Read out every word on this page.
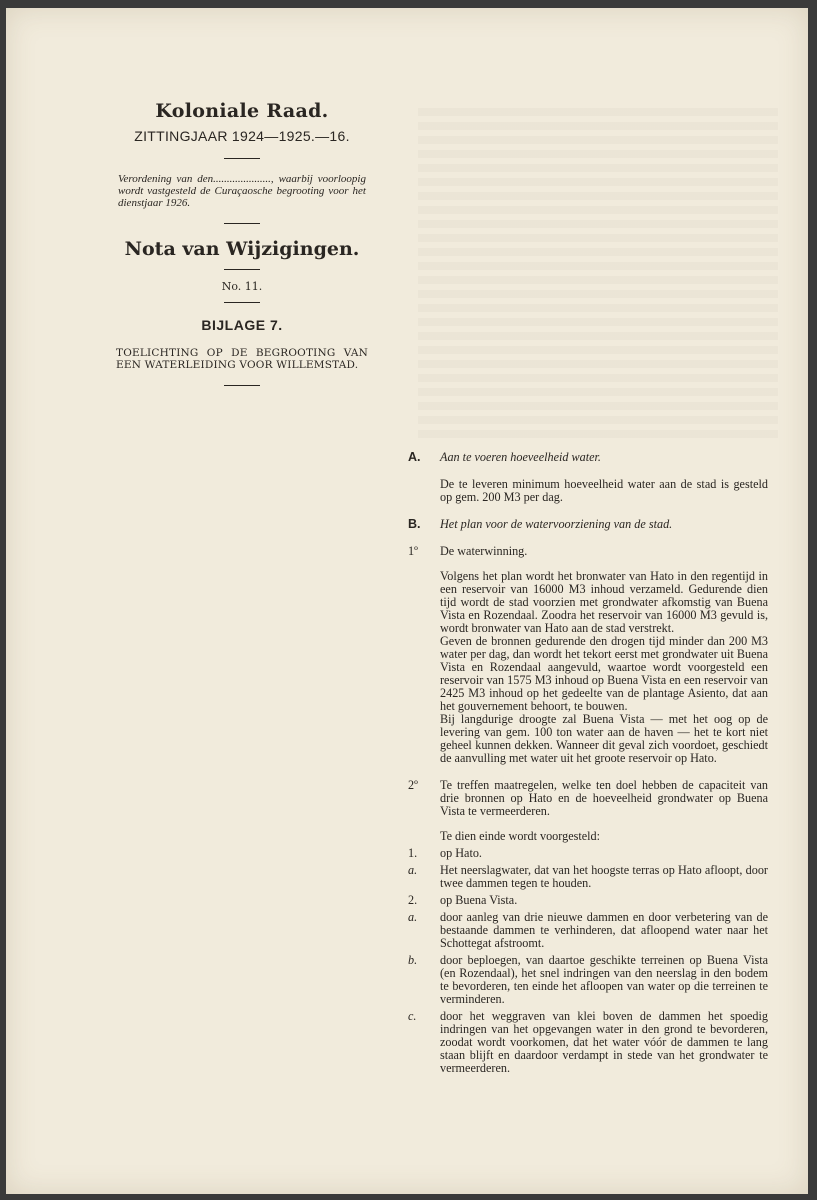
Koloniale Raad.
ZITTINGJAAR 1924—1925.—16.
Verordening van den....................., waarbij voorloopig wordt vastgesteld de Curaçaosche begrooting voor het dienstjaar 1926.
Nota van Wijzigingen.
No. 11.
BIJLAGE 7.
TOELICHTING OP DE BEGROOTING VAN EEN WATERLEIDING VOOR WILLEMSTAD.
A.	Aan te voeren hoeveelheid water.
De te leveren minimum hoeveelheid water aan de stad is gesteld op gem. 200 M3 per dag.
B.	Het plan voor de watervoorziening van de stad.
1º	De waterwinning.
Volgens het plan wordt het bronwater van Hato in den regentijd in een reservoir van 16000 M3 inhoud verzameld. Gedurende dien tijd wordt de stad voorzien met grondwater afkomstig van Buena Vista en Rozendaal. Zoodra het reservoir van 16000 M3 gevuld is, wordt bronwater van Hato aan de stad verstrekt.
Geven de bronnen gedurende den drogen tijd minder dan 200 M3 water per dag, dan wordt het tekort eerst met grondwater uit Buena Vista en Rozendaal aangevuld, waartoe wordt voorgesteld een reservoir van 1575 M3 inhoud op Buena Vista en een reservoir van 2425 M3 inhoud op het gedeelte van de plantage Asiento, dat aan het gouvernement behoort, te bouwen.
Bij langdurige droogte zal Buena Vista — met het oog op de levering van gem. 100 ton water aan de haven — het te kort niet geheel kunnen dekken. Wanneer dit geval zich voordoet, geschiedt de aanvulling met water uit het groote reservoir op Hato.
2º	Te treffen maatregelen, welke ten doel hebben de capaciteit van drie bronnen op Hato en de hoeveelheid grondwater op Buena Vista te vermeerderen.
Te dien einde wordt voorgesteld:
1.	op Hato.
a.	Het neerslagwater, dat van het hoogste terras op Hato afloopt, door twee dammen tegen te houden.
2.	op Buena Vista.
a.	door aanleg van drie nieuwe dammen en door verbetering van de bestaande dammen te verhinderen, dat afloopend water naar het Schottegat afstroomt.
b.	door beploegen, van daartoe geschikte terreinen op Buena Vista (en Rozendaal), het snel indringen van den neerslag in den bodem te bevorderen, ten einde het afloopen van water op die terreinen te verminderen.
c.	door het weggraven van klei boven de dammen het spoedig indringen van het opgevangen water in den grond te bevorderen, zoodat wordt voorkomen, dat het water vóór de dammen te lang staan blijft en daardoor verdampt in stede van het grondwater te vermeerderen.
